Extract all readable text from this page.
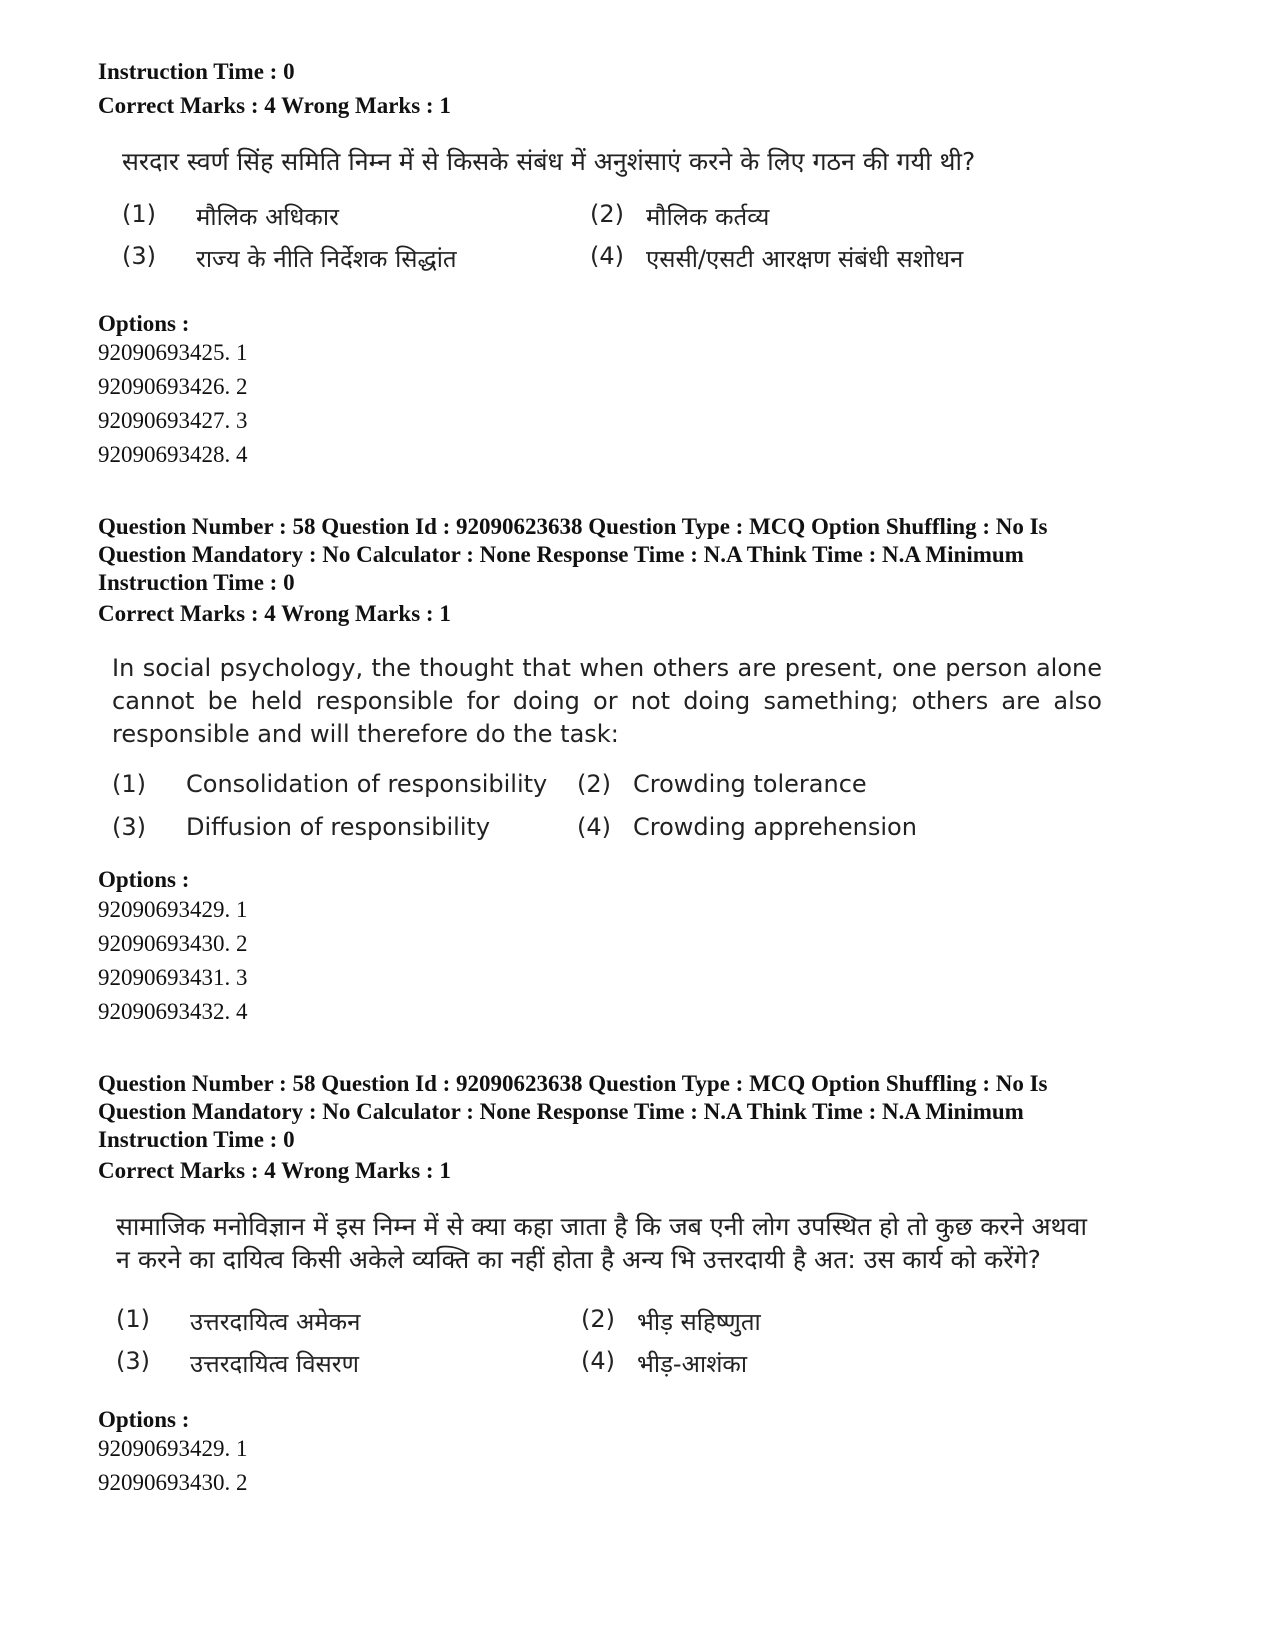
Instruction Time : 0
Correct Marks : 4 Wrong Marks : 1
सरदार स्वर्ण सिंह समिति निम्न में से किसके संबंध में अनुशंसाएं करने के लिए गठन की गयी थी?
(1) मौलिक अधिकार	(2) मौलिक कर्तव्य
(3) राज्य के नीति निर्देशक सिद्धांत	(4) एससी/एसटी आरक्षण संबंधी सशोधन
Options :
92090693425. 1
92090693426. 2
92090693427. 3
92090693428. 4
Question Number : 58 Question Id : 92090623638 Question Type : MCQ Option Shuffling : No Is
Question Mandatory : No Calculator : None Response Time : N.A Think Time : N.A Minimum
Instruction Time : 0
Correct Marks : 4 Wrong Marks : 1
In social psychology, the thought that when others are present, one person alone cannot be held responsible for doing or not doing samething; others are also responsible and will therefore do the task:
(1) Consolidation of responsibility (2) Crowding tolerance
(3) Diffusion of responsibility	(4) Crowding apprehension
Options :
92090693429. 1
92090693430. 2
92090693431. 3
92090693432. 4
Question Number : 58 Question Id : 92090623638 Question Type : MCQ Option Shuffling : No Is
Question Mandatory : No Calculator : None Response Time : N.A Think Time : N.A Minimum
Instruction Time : 0
Correct Marks : 4 Wrong Marks : 1
सामाजिक मनोविज्ञान में इस निम्न में से क्या कहा जाता है कि जब एनी लोग उपस्थित हो तो कुछ करने अथवा न करने का दायित्व किसी अकेले व्यक्ति का नहीं होता है अन्य भि उत्तरदायी है अत: उस कार्य को करेंगे?
(1) उत्तरदायित्व अमेकन	(2) भीड़ सहिष्णुता
(3) उत्तरदायित्व विसरण	(4) भीड़-आशंका
Options :
92090693429. 1
92090693430. 2
